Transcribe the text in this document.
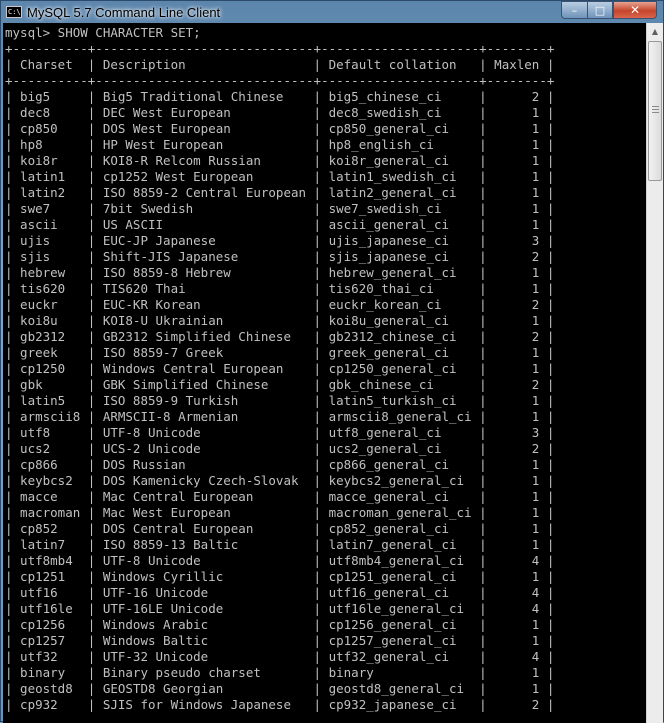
C:\ MySQL 5.7 Command Line Client	– □ ✕
mysql> SHOW CHARACTER SET;
+----------+-----------------------------+---------------------+--------+
| Charset  | Description                 | Default collation   | Maxlen |
+----------+-----------------------------+---------------------+--------+
| big5     | Big5 Traditional Chinese    | big5_chinese_ci     |      2 |
| dec8     | DEC West European           | dec8_swedish_ci     |      1 |
| cp850    | DOS West European           | cp850_general_ci    |      1 |
| hp8      | HP West European            | hp8_english_ci      |      1 |
| koi8r    | KOI8-R Relcom Russian       | koi8r_general_ci    |      1 |
| latin1   | cp1252 West European        | latin1_swedish_ci   |      1 |
| latin2   | ISO 8859-2 Central European | latin2_general_ci   |      1 |
| swe7     | 7bit Swedish                | swe7_swedish_ci     |      1 |
| ascii    | US ASCII                    | ascii_general_ci    |      1 |
| ujis     | EUC-JP Japanese             | ujis_japanese_ci    |      3 |
| sjis     | Shift-JIS Japanese          | sjis_japanese_ci    |      2 |
| hebrew   | ISO 8859-8 Hebrew           | hebrew_general_ci   |      1 |
| tis620   | TIS620 Thai                 | tis620_thai_ci      |      1 |
| euckr    | EUC-KR Korean               | euckr_korean_ci     |      2 |
| koi8u    | KOI8-U Ukrainian            | koi8u_general_ci    |      1 |
| gb2312   | GB2312 Simplified Chinese   | gb2312_chinese_ci   |      2 |
| greek    | ISO 8859-7 Greek            | greek_general_ci    |      1 |
| cp1250   | Windows Central European    | cp1250_general_ci   |      1 |
| gbk      | GBK Simplified Chinese      | gbk_chinese_ci      |      2 |
| latin5   | ISO 8859-9 Turkish          | latin5_turkish_ci   |      1 |
| armscii8 | ARMSCII-8 Armenian          | armscii8_general_ci |      1 |
| utf8     | UTF-8 Unicode               | utf8_general_ci     |      3 |
| ucs2     | UCS-2 Unicode               | ucs2_general_ci     |      2 |
| cp866    | DOS Russian                 | cp866_general_ci    |      1 |
| keybcs2  | DOS Kamenicky Czech-Slovak  | keybcs2_general_ci  |      1 |
| macce    | Mac Central European        | macce_general_ci    |      1 |
| macroman | Mac West European           | macroman_general_ci |      1 |
| cp852    | DOS Central European        | cp852_general_ci    |      1 |
| latin7   | ISO 8859-13 Baltic          | latin7_general_ci   |      1 |
| utf8mb4  | UTF-8 Unicode               | utf8mb4_general_ci  |      4 |
| cp1251   | Windows Cyrillic            | cp1251_general_ci   |      1 |
| utf16    | UTF-16 Unicode              | utf16_general_ci    |      4 |
| utf16le  | UTF-16LE Unicode            | utf16le_general_ci  |      4 |
| cp1256   | Windows Arabic              | cp1256_general_ci   |      1 |
| cp1257   | Windows Baltic              | cp1257_general_ci   |      1 |
| utf32    | UTF-32 Unicode              | utf32_general_ci    |      4 |
| binary   | Binary pseudo charset       | binary              |      1 |
| geostd8  | GEOSTD8 Georgian            | geostd8_general_ci  |      1 |
| cp932    | SJIS for Windows Japanese   | cp932_japanese_ci   |      2 |
▲
